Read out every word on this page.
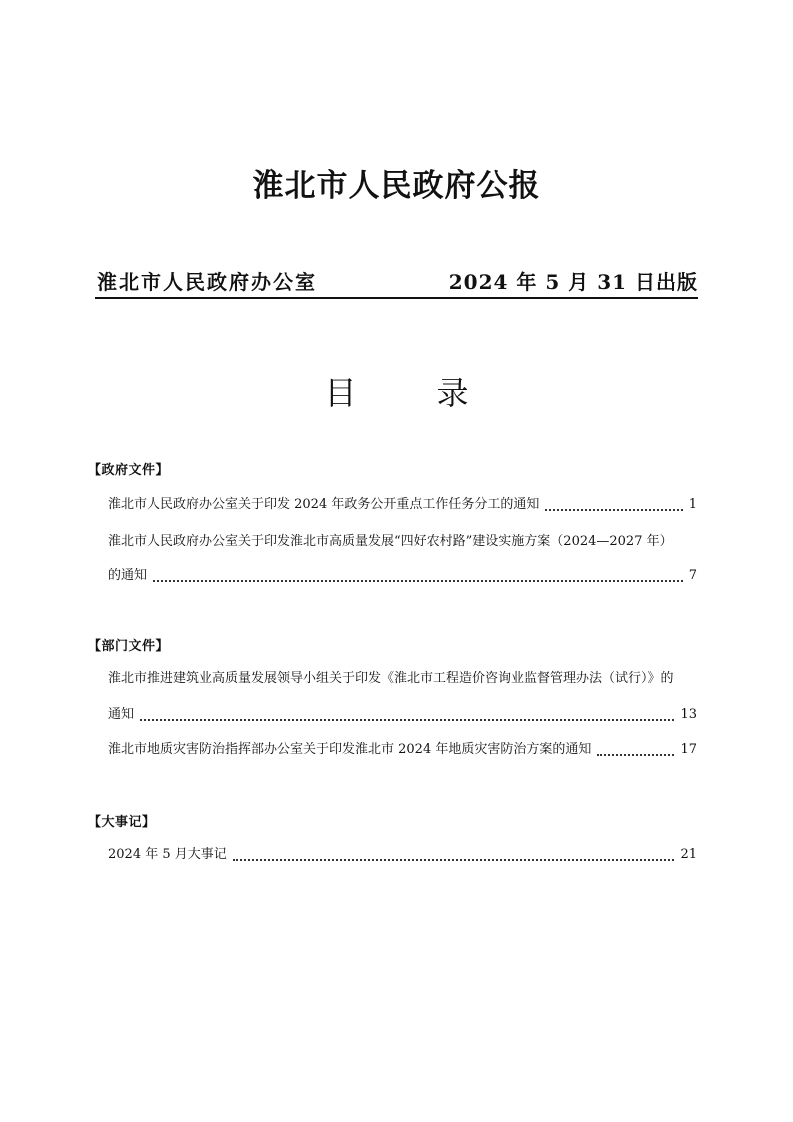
淮北市人民政府公报
淮北市人民政府办公室	2024 年 5 月 31 日出版
目	录
【政府文件】
淮北市人民政府办公室关于印发 2024 年政务公开重点工作任务分工的通知	1
淮北市人民政府办公室关于印发淮北市高质量发展“四好农村路”建设实施方案（2024—2027 年）
的通知	7
【部门文件】
淮北市推进建筑业高质量发展领导小组关于印发《淮北市工程造价咨询业监督管理办法（试行）》的
通知	13
淮北市地质灾害防治指挥部办公室关于印发淮北市 2024 年地质灾害防治方案的通知	17
【大事记】
2024 年 5 月大事记	21
